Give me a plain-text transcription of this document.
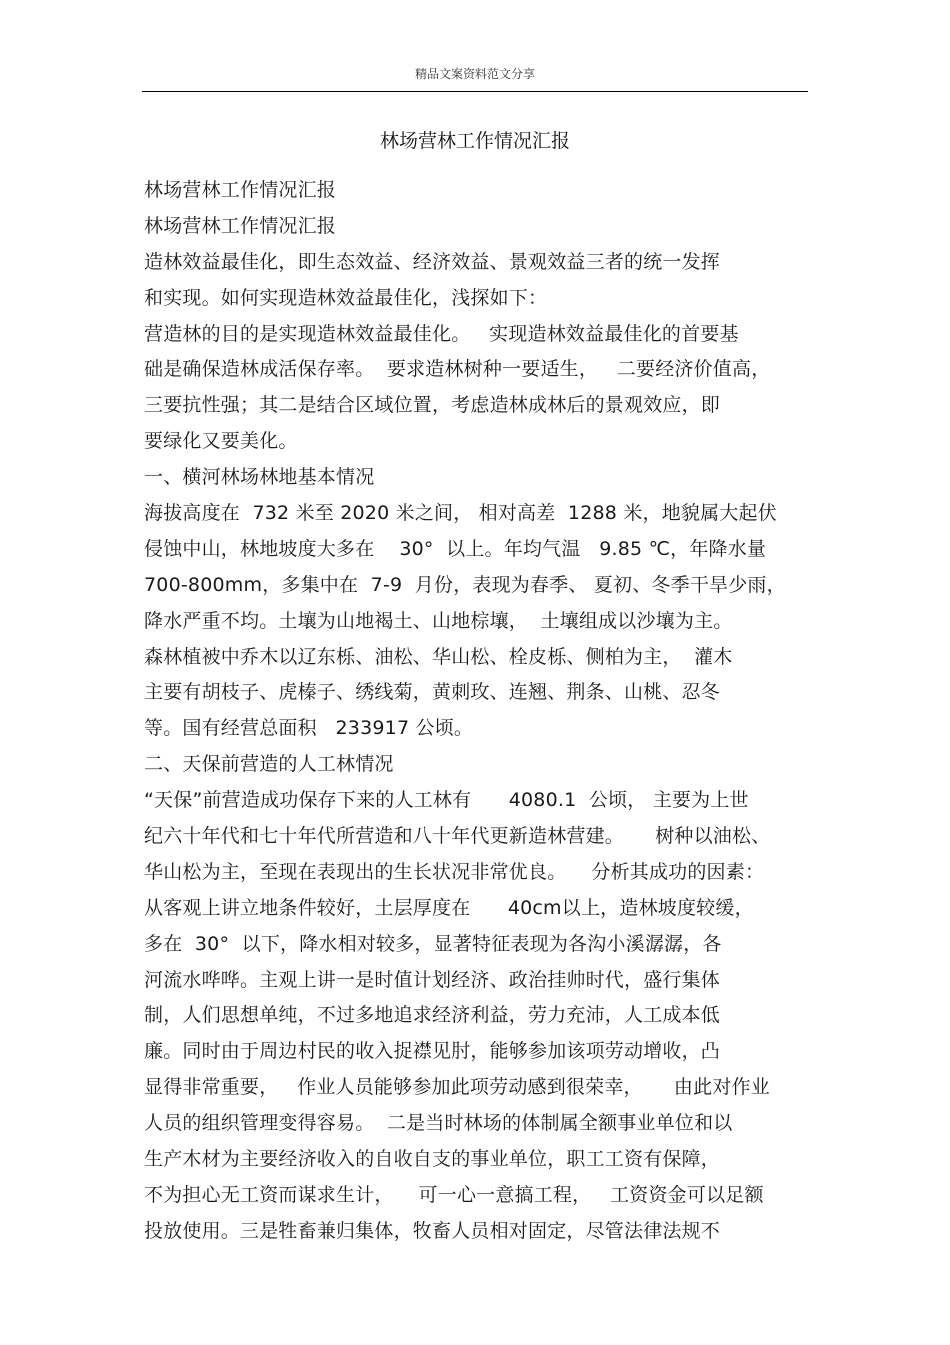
精品文案资料范文分享
林场营林工作情况汇报
林场营林工作情况汇报
林场营林工作情况汇报
造林效益最佳化，即生态效益、经济效益、景观效益三者的统一发挥
和实现。如何实现造林效益最佳化，浅探如下：
营造林的目的是实现造林效益最佳化。   实现造林效益最佳化的首要基
础是确保造林成活保存率。  要求造林树种一要适生，   二要经济价值高，
三要抗性强；其二是结合区域位置，考虑造林成林后的景观效应，即
要绿化又要美化。
一、横河林场林地基本情况
海拔高度在  732 米至 2020 米之间， 相对高差  1288 米，地貌属大起伏
侵蚀中山，林地坡度大多在    30°  以上。年均气温   9.85 ℃，年降水量
700-800mm，多集中在  7-9  月份，表现为春季、 夏初、冬季干旱少雨，
降水严重不均。土壤为山地褐土、山地棕壤，  土壤组成以沙壤为主。
森林植被中乔木以辽东栎、油松、华山松、栓皮栎、侧柏为主，  灌木
主要有胡枝子、虎榛子、绣线菊，黄刺玫、连翘、荆条、山桃、忍冬
等。国有经营总面积   233917 公顷。
二、天保前营造的人工林情况
“天保”前营造成功保存下来的人工林有      4080.1  公顷， 主要为上世
纪六十年代和七十年代所营造和八十年代更新造林营建。     树种以油松、
华山松为主，至现在表现出的生长状况非常优良。    分析其成功的因素：
从客观上讲立地条件较好，土层厚度在      40cm以上，造林坡度较缓，
多在  30°  以下，降水相对较多，显著特征表现为各沟小溪潺潺，各
河流水哗哗。主观上讲一是时值计划经济、政治挂帅时代，盛行集体
制，人们思想单纯，不过多地追求经济利益，劳力充沛，人工成本低
廉。同时由于周边村民的收入捉襟见肘，能够参加该项劳动增收，凸
显得非常重要，   作业人员能够参加此项劳动感到很荣幸，     由此对作业
人员的组织管理变得容易。  二是当时林场的体制属全额事业单位和以
生产木材为主要经济收入的自收自支的事业单位，职工工资有保障，
不为担心无工资而谋求生计，    可一心一意搞工程，   工资资金可以足额
投放使用。三是牲畜兼归集体，牧畜人员相对固定，尽管法律法规不
